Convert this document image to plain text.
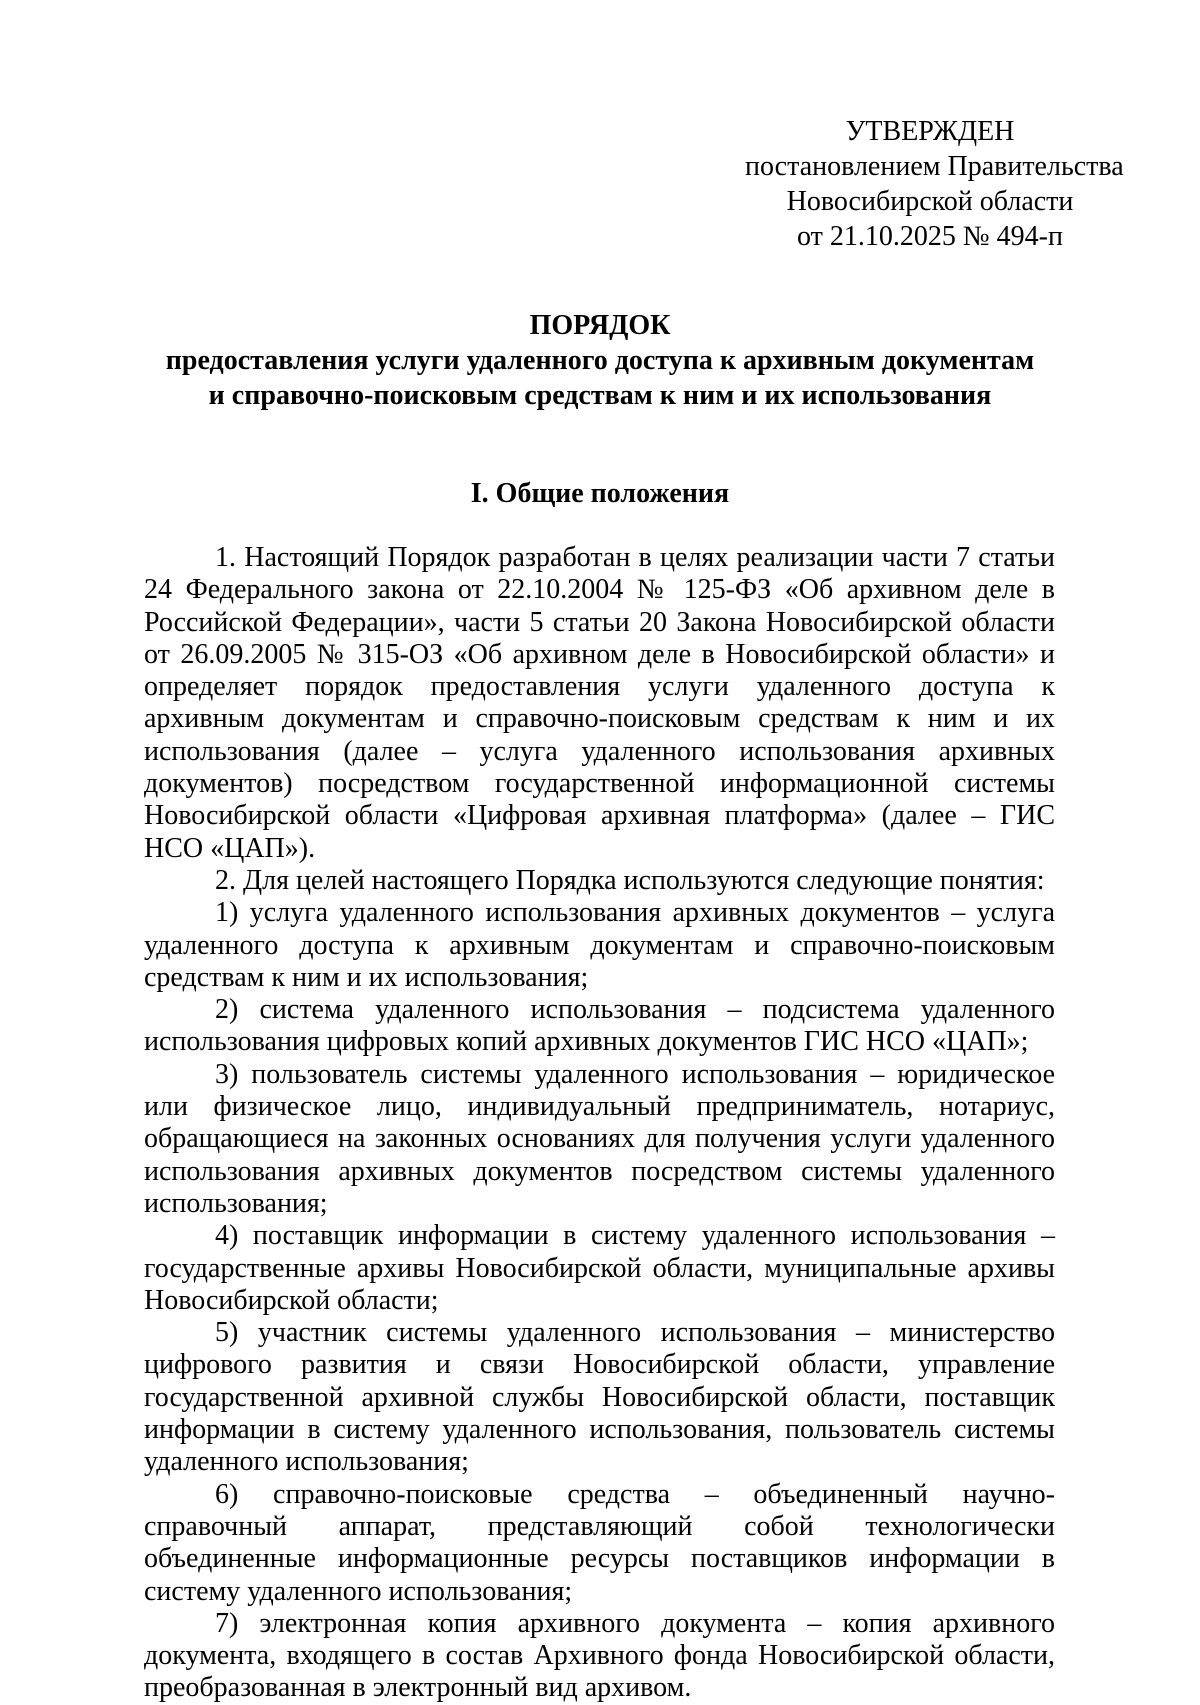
УТВЕРЖДЕН
постановлением Правительства
Новосибирской области
от 21.10.2025 № 494-п
ПОРЯДОК
предоставления услуги удаленного доступа к архивным документам
и справочно-поисковым средствам к ним и их использования
I. Общие положения

1. Настоящий Порядок разработан в целях реализации части 7 статьи 24 Федерального закона от 22.10.2004 № 125-ФЗ «Об архивном деле в Российской Федерации», части 5 статьи 20 Закона Новосибирской области от 26.09.2005 № 315-ОЗ «Об архивном деле в Новосибирской области» и определяет порядок предоставления услуги удаленного доступа к архивным документам и справочно-поисковым средствам к ним и их использования (далее – услуга удаленного использования архивных документов) посредством государственной информационной системы Новосибирской области «Цифровая архивная платформа» (далее – ГИС НСО «ЦАП»).

2. Для целей настоящего Порядка используются следующие понятия:

1) услуга удаленного использования архивных документов – услуга удаленного доступа к архивным документам и справочно-поисковым средствам к ним и их использования;

2) система удаленного использования – подсистема удаленного использования цифровых копий архивных документов ГИС НСО «ЦАП»;

3) пользователь системы удаленного использования – юридическое или физическое лицо, индивидуальный предприниматель, нотариус, обращающиеся на законных основаниях для получения услуги удаленного использования архивных документов посредством системы удаленного использования;

4) поставщик информации в систему удаленного использования – государственные архивы Новосибирской области, муниципальные архивы Новосибирской области;

5) участник системы удаленного использования – министерство цифрового развития и связи Новосибирской области, управление государственной архивной службы Новосибирской области, поставщик информации в систему удаленного использования, пользователь системы удаленного использования;

6) справочно-поисковые средства – объединенный научно-справочный аппарат, представляющий собой технологически объединенные информационные ресурсы поставщиков информации в систему удаленного использования;

7) электронная копия архивного документа – копия архивного документа, входящего в состав Архивного фонда Новосибирской области, преобразованная в электронный вид архивом.
